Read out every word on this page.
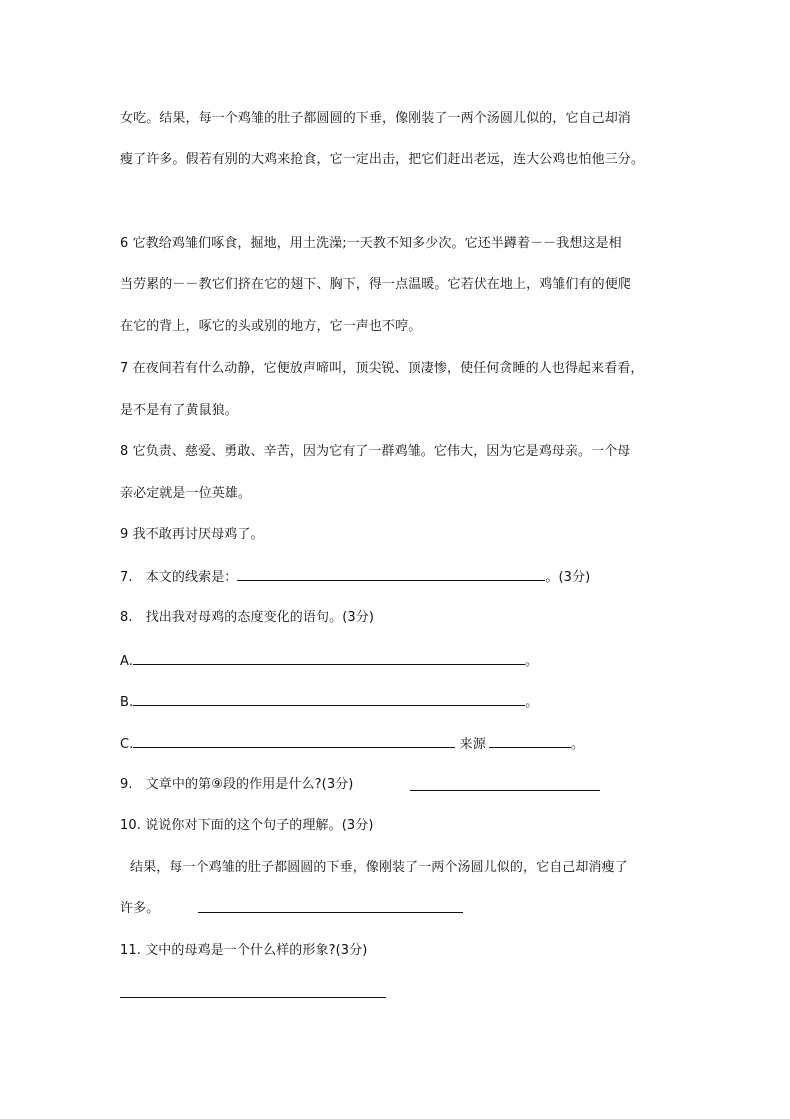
女吃。结果，每一个鸡雏的肚子都圆圆的下垂，像刚装了一两个汤圆儿似的，它自己却消
瘦了许多。假若有别的大鸡来抢食，它一定出击，把它们赶出老远，连大公鸡也怕他三分。
6 它教给鸡雏们啄食，掘地，用土洗澡;一天教不知多少次。它还半蹲着－－我想这是相
当劳累的－－教它们挤在它的翅下、胸下，得一点温暖。它若伏在地上，鸡雏们有的便爬
在它的背上，啄它的头或别的地方，它一声也不哼。
7 在夜间若有什么动静，它便放声啼叫，顶尖锐、顶凄惨，使任何贪睡的人也得起来看看，
是不是有了黄鼠狼。
8 它负责、慈爱、勇敢、辛苦，因为它有了一群鸡雏。它伟大，因为它是鸡母亲。一个母
亲必定就是一位英雄。
9 我不敢再讨厌母鸡了。
7.　本文的线索是：	。(3分)
8.　找出我对母鸡的态度变化的语句。(3分)
A.	。
B.	。
C.	来源	。
9.　文章中的第⑨段的作用是什么?(3分)
10. 说说你对下面的这个句子的理解。(3分)
结果，每一个鸡雏的肚子都圆圆的下垂，像刚装了一两个汤圆儿似的，它自己却消瘦了
许多。
11. 文中的母鸡是一个什么样的形象?(3分)
